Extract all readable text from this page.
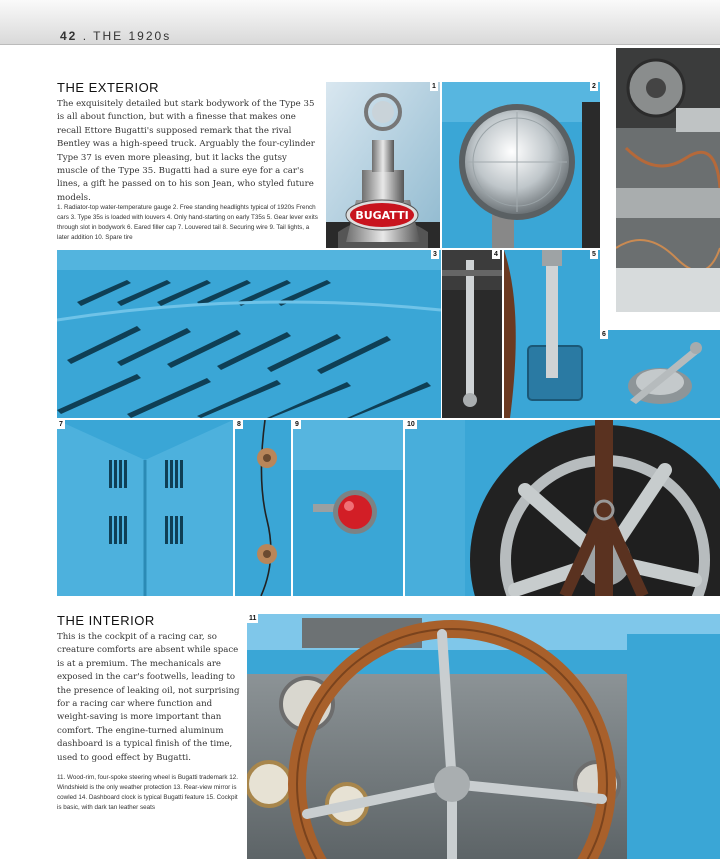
42 . THE 1920s
THE EXTERIOR
The exquisitely detailed but stark bodywork of the Type 35 is all about function, but with a finesse that makes one recall Ettore Bugatti's supposed remark that the rival Bentley was a high-speed truck. Arguably the four-cylinder Type 37 is even more pleasing, but it lacks the gutsy muscle of the Type 35. Bugatti had a sure eye for a car's lines, a gift he passed on to his son Jean, who styled future models.
1. Radiator-top water-temperature gauge 2. Free standing headlights typical of 1920s French cars 3. Type 35s is loaded with louvers 4. Only hand-starting on early T35s 5. Gear lever exits through slot in bodywork 6. Eared filler cap 7. Louvered tail 8. Securing wire 9. Tail lights, a later addition 10. Spare tire
THE INTERIOR
This is the cockpit of a racing car, so creature comforts are absent while space is at a premium. The mechanicals are exposed in the car's footwells, leading to the presence of leaking oil, not surprising for a racing car where function and weight-saving is more important than comfort. The engine-turned aluminum dashboard is a typical finish of the time, used to good effect by Bugatti.
11. Wood-rim, four-spoke steering wheel is Bugatti trademark 12. Windshield is the only weather protection 13. Rear-view mirror is cowled 14. Dashboard clock is typical Bugatti feature 15. Cockpit is basic, with dark tan leather seats
BUGATTI
1	2
3	4	5
6
7	8	9	10
11
